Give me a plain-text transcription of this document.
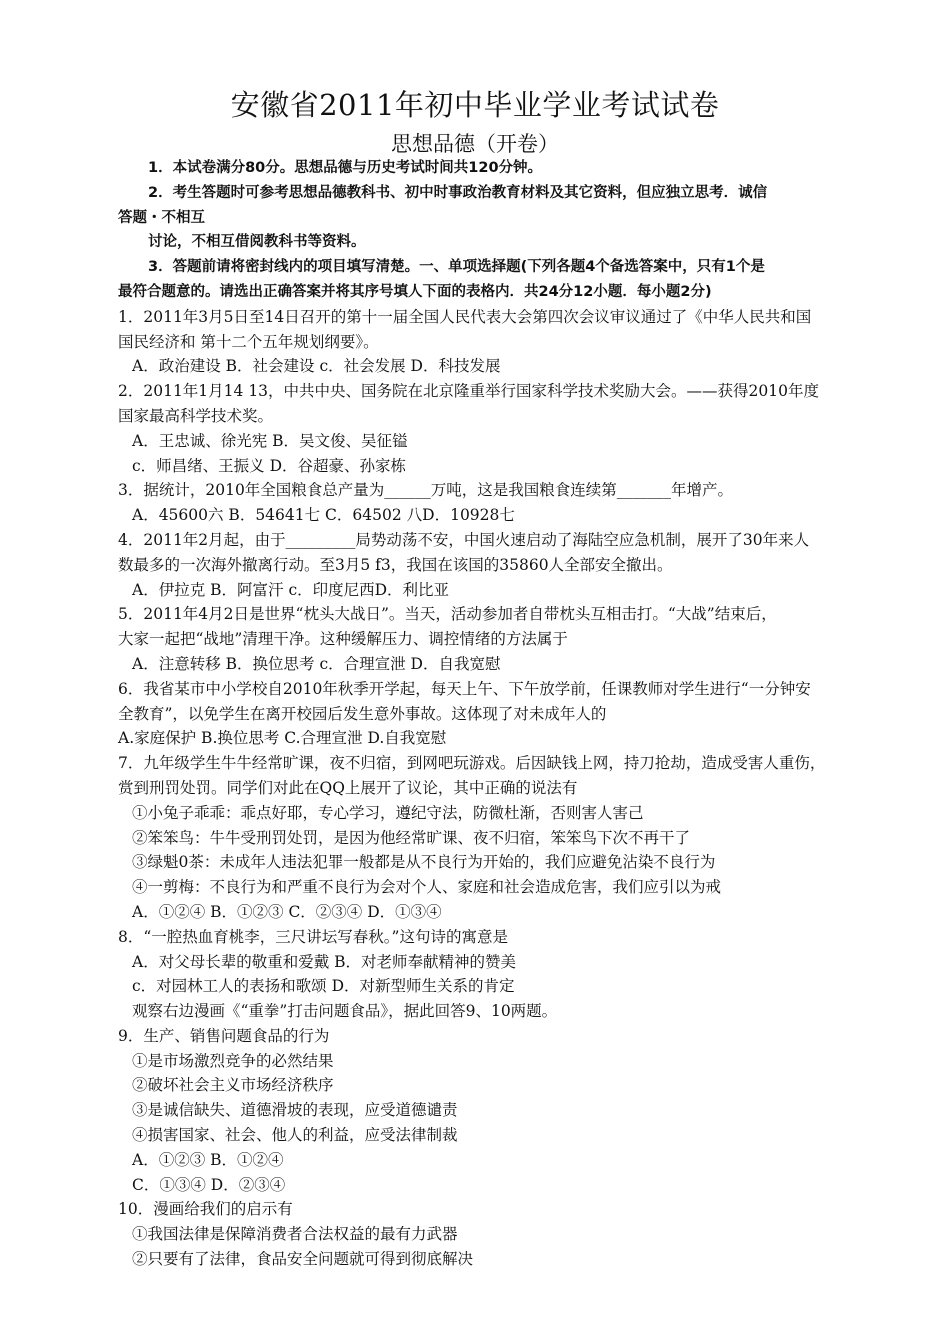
安徽省2011年初中毕业学业考试试卷
思想品德（开卷）
1．本试卷满分80分。思想品德与历史考试时间共120分钟。
2．考生答题时可参考思想品德教科书、初中时事政治教育材料及其它资料，但应独立思考．诚信
答题・不相互
讨论，不相互借阅教科书等资料。
3．答题前请将密封线内的项目填写清楚。一、单项选择题(下列各题4个备选答案中，只有1个是
最符合题意的。请选出正确答案并将其序号填人下面的表格内．共24分12小题．每小题2分)
1．2011年3月5日至14日召开的第十一届全国人民代表大会第四次会议审议通过了《中华人民共和国
国民经济和 第十二个五年规划纲要》。
A．政治建设 B．社会建设 c．社会发展 D．科技发展
2．2011年1月14 13，中共中央、国务院在北京隆重举行国家科学技术奖励大会。——获得2010年度
国家最高科学技术奖。
A．王忠诚、徐光宪 B．吴文俊、吴征镒
c．师昌绪、王振义 D．谷超豪、孙家栋
3．据统计，2010年全国粮食总产量为______万吨，这是我国粮食连续第_______年增产。
A．45600六 B．54641七 C．64502 八D．10928七
4．2011年2月起，由于_________局势动荡不安，中国火速启动了海陆空应急机制，展开了30年来人
数最多的一次海外撤离行动。至3月5 f3，我国在该国的35860人全部安全撤出。
A．伊拉克 B．阿富汗 c．印度尼西D．利比亚
5．2011年4月2日是世界“枕头大战日”。当天，活动参加者自带枕头互相击打。“大战”结束后，
大家一起把“战地”清理干净。这种缓解压力、调控情绪的方法属于
A．注意转移 B．换位思考 c．合理宣泄 D．自我宽慰
6．我省某市中小学校自2010年秋季开学起，每天上午、下午放学前，任课教师对学生进行“一分钟安
全教育”，以免学生在离开校园后发生意外事故。这体现了对未成年人的
A.家庭保护 B.换位思考 C.合理宣泄 D.自我宽慰
7．九年级学生牛牛经常旷课，夜不归宿，到网吧玩游戏。后因缺钱上网，持刀抢劫，造成受害人重伤，
赏到刑罚处罚。同学们对此在QQ上展开了议论，其中正确的说法有
①小兔子乖乖：乖点好耶，专心学习，遵纪守法，防微杜渐，否则害人害己
②笨笨鸟：牛牛受刑罚处罚，是因为他经常旷课、夜不归宿，笨笨鸟下次不再干了
③绿魁0茶：未成年人违法犯罪一般都是从不良行为开始的，我们应避免沾染不良行为
④一剪梅：不良行为和严重不良行为会对个人、家庭和社会造成危害，我们应引以为戒
A．①②④ B．①②③ C．②③④ D．①③④
8．“一腔热血育桃李，三尺讲坛写春秋。”这句诗的寓意是
A．对父母长辈的敬重和爱戴 B．对老师奉献精神的赞美
c．对园林工人的表扬和歌颂 D．对新型师生关系的肯定
观察右边漫画《“重拳”打击问题食品》，据此回答9、10两题。
9．生产、销售问题食品的行为
①是市场激烈竞争的必然结果
②破坏社会主义市场经济秩序
③是诚信缺失、道德滑坡的表现，应受道德谴责
④损害国家、社会、他人的利益，应受法律制裁
A．①②③ B．①②④
C．①③④ D．②③④
10．漫画给我们的启示有
①我国法律是保障消费者合法权益的最有力武器
②只要有了法律，食品安全问题就可得到彻底解决
